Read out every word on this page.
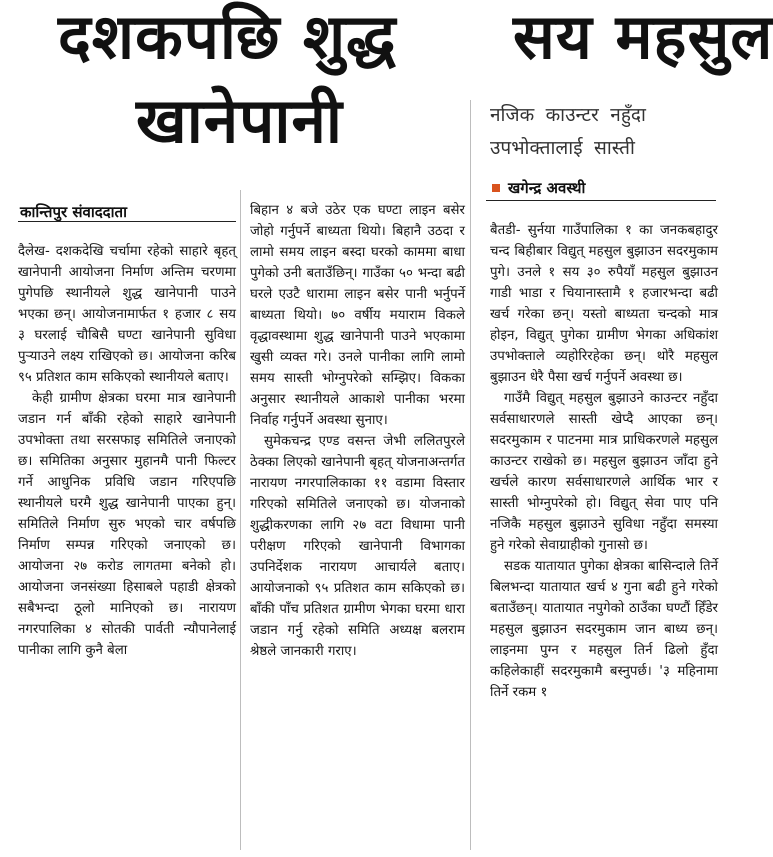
दशकपछि शुद्ध
खानेपानी
सय महसुल
नजिक काउन्टर नहुँदा
उपभोक्तालाई सास्ती
खगेन्द्र अवस्थी
कान्तिपुर संवाददाता

दैलेख- दशकदेखि चर्चामा रहेको साहारे बृहत् खानेपानी आयोजना निर्माण अन्तिम चरणमा पुगेपछि स्थानीयले शुद्ध खानेपानी पाउने भएका छन्। आयोजनामार्फत १ हजार ८ सय ३ घरलाई चौबिसै घण्टा खानेपानी सुविधा पुर्‍याउने लक्ष्य राखिएको छ। आयोजना करिब ९५ प्रतिशत काम सकिएको स्थानीयले बताए।

केही ग्रामीण क्षेत्रका घरमा मात्र खानेपानी जडान गर्न बाँकी रहेको साहारे खानेपानी उपभोक्ता तथा सरसफाइ समितिले जनाएको छ। समितिका अनुसार मुहानमै पानी फिल्टर गर्ने आधुनिक प्रविधि जडान गरिएपछि स्थानीयले घरमै शुद्ध खानेपानी पाएका हुन्। समितिले निर्माण सुरु भएको चार वर्षपछि निर्माण सम्पन्न गरिएको जनाएको छ। आयोजना २७ करोड लागतमा बनेको हो। आयोजना जनसंख्या हिसाबले पहाडी क्षेत्रको सबैभन्दा ठूलो मानिएको छ। नारायण नगरपालिका ४ सोतकी पार्वती न्यौपानेलाई पानीका लागि कुनै बेला

बिहान ४ बजे उठेर एक घण्टा लाइन बसेर जोहो गर्नुपर्ने बाध्यता थियो। बिहानै उठदा र लामो समय लाइन बस्दा घरको काममा बाधा पुगेको उनी बताउँछिन्। गाउँका ५० भन्दा बढी घरले एउटै धारामा लाइन बसेर पानी भर्नुपर्ने बाध्यता थियो। ७० वर्षीय मयाराम विकले वृद्धावस्थामा शुद्ध खानेपानी पाउने भएकामा खुसी व्यक्त गरे। उनले पानीका लागि लामो समय सास्ती भोग्नुपरेको सम्झिए। विकका अनुसार स्थानीयले आकाशे पानीका भरमा निर्वाह गर्नुपर्ने अवस्था सुनाए।

सुमेकचन्द्र एण्ड वसन्त जेभी ललितपुरले ठेक्का लिएको खानेपानी बृहत् योजनाअन्तर्गत नारायण नगरपालिकाका ११ वडामा विस्तार गरिएको समितिले जनाएको छ। योजनाको शुद्धीकरणका लागि २७ वटा विधामा पानी परीक्षण गरिएको खानेपानी विभागका उपनिर्देशक नारायण आचार्यले बताए। आयोजनाको ९५ प्रतिशत काम सकिएको छ। बाँकी पाँच प्रतिशत ग्रामीण भेगका घरमा धारा जडान गर्नु रहेको समिति अध्यक्ष बलराम श्रेष्ठले जानकारी गराए।

बैतडी- सुर्नया गाउँपालिका १ का जनकबहादुर चन्द बिहीबार विद्युत् महसुल बुझाउन सदरमुकाम पुगे। उनले १ सय ३० रुपैयाँ महसुल बुझाउन गाडी भाडा र चियानास्तामै १ हजारभन्दा बढी खर्च गरेका छन्। यस्तो बाध्यता चन्दको मात्र होइन, विद्युत् पुगेका ग्रामीण भेगका अधिकांश उपभोक्ताले व्यहोरिरहेका छन्। थोरै महसुल बुझाउन धेरै पैसा खर्च गर्नुपर्ने अवस्था छ।

गाउँमै विद्युत् महसुल बुझाउने काउन्टर नहुँदा सर्वसाधारणले सास्ती खेप्दै आएका छन्। सदरमुकाम र पाटनमा मात्र प्राधिकरणले महसुल काउन्टर राखेको छ। महसुल बुझाउन जाँदा हुने खर्चले कारण सर्वसाधारणले आर्थिक भार र सास्ती भोग्नुपरेको हो। विद्युत् सेवा पाए पनि नजिकै महसुल बुझाउने सुविधा नहुँदा समस्या हुने गरेको सेवाग्राहीको गुनासो छ।

सडक यातायात पुगेका क्षेत्रका बासिन्दाले तिर्ने बिलभन्दा यातायात खर्च ४ गुना बढी हुने गरेको बताउँछन्। यातायात नपुगेको ठाउँका घण्टौं हिँडेर महसुल बुझाउन सदरमुकाम जान बाध्य छन्। लाइनमा पुग्न र महसुल तिर्न ढिलो हुँदा कहिलेकाहीं सदरमुकामै बस्नुपर्छ। '३ महिनामा तिर्ने रकम १
